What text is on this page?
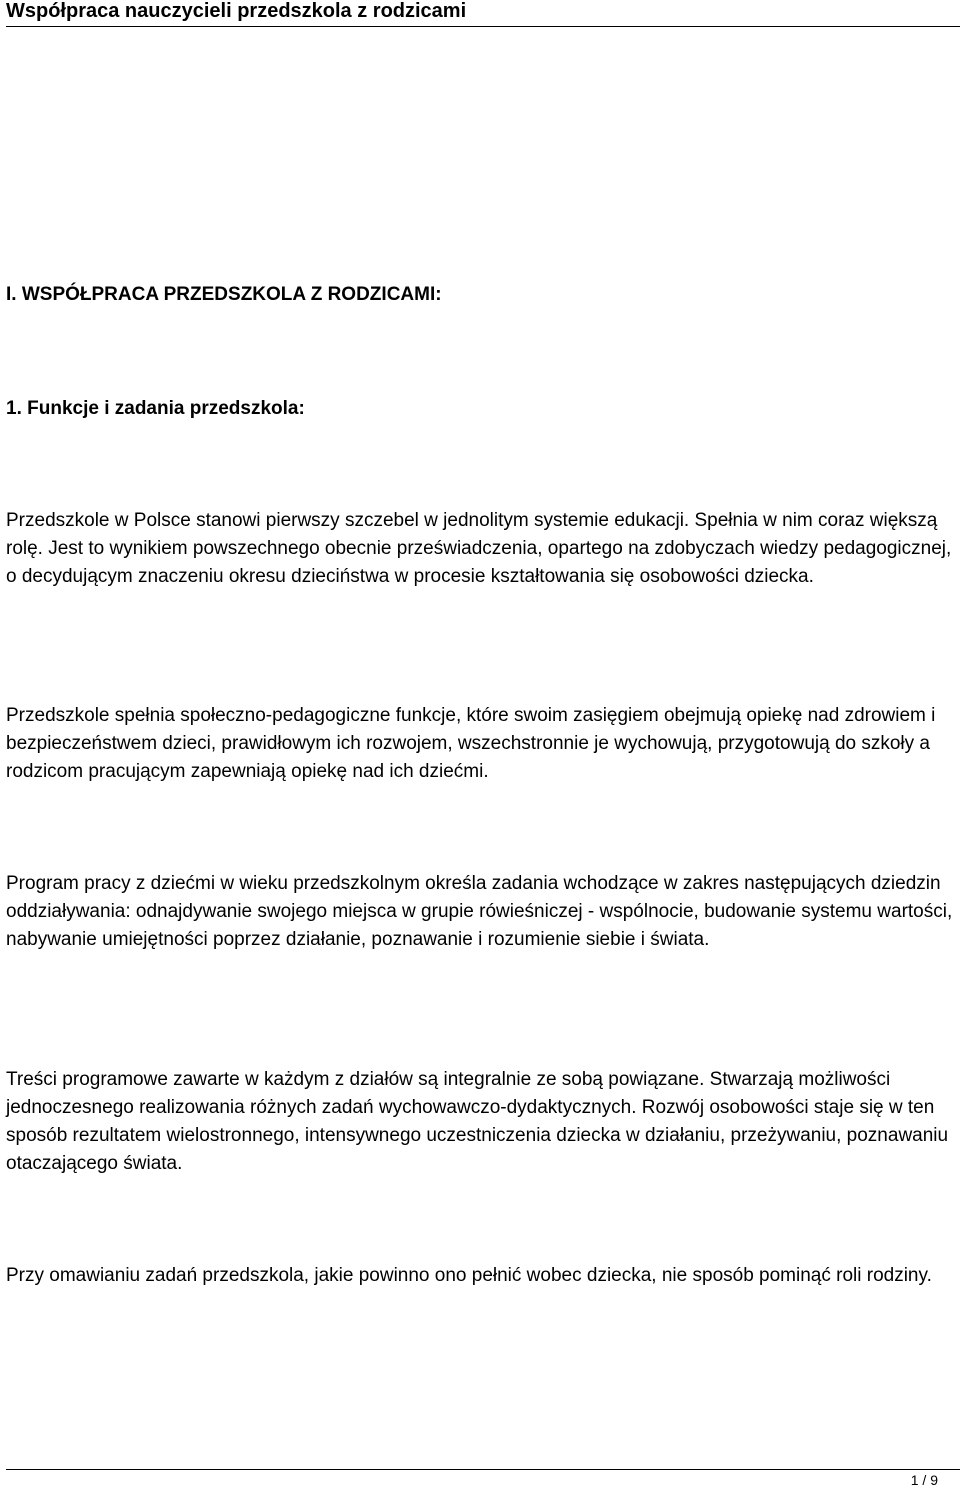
Współpraca nauczycieli przedszkola z rodzicami
I. WSPÓŁPRACA PRZEDSZKOLA Z RODZICAMI:
1. Funkcje i zadania przedszkola:

Przedszkole w Polsce stanowi pierwszy szczebel w jednolitym systemie edukacji. Spełnia w nim coraz większą rolę. Jest to wynikiem powszechnego obecnie przeświadczenia, opartego na zdobyczach wiedzy pedagogicznej, o decydującym znaczeniu okresu dzieciństwa w procesie kształtowania się osobowości dziecka.

Przedszkole spełnia społeczno-pedagogiczne funkcje, które swoim zasięgiem obejmują opiekę nad zdrowiem i bezpieczeństwem dzieci, prawidłowym ich rozwojem, wszechstronnie je wychowują, przygotowują do szkoły a rodzicom pracującym zapewniają opiekę nad ich dziećmi.

Program pracy z dziećmi w wieku przedszkolnym określa zadania wchodzące w zakres następujących dziedzin oddziaływania: odnajdywanie swojego miejsca w grupie rówieśniczej - wspólnocie, budowanie systemu wartości, nabywanie umiejętności poprzez działanie, poznawanie i rozumienie siebie i świata.

Treści programowe zawarte w każdym z działów są integralnie ze sobą powiązane. Stwarzają możliwości jednoczesnego realizowania różnych zadań wychowawczo-dydaktycznych. Rozwój osobowości staje się w ten sposób rezultatem wielostronnego, intensywnego uczestniczenia dziecka w działaniu, przeżywaniu, poznawaniu otaczającego świata.

Przy omawianiu zadań przedszkola, jakie powinno ono pełnić wobec dziecka, nie sposób pominąć roli rodziny.

1 / 9
